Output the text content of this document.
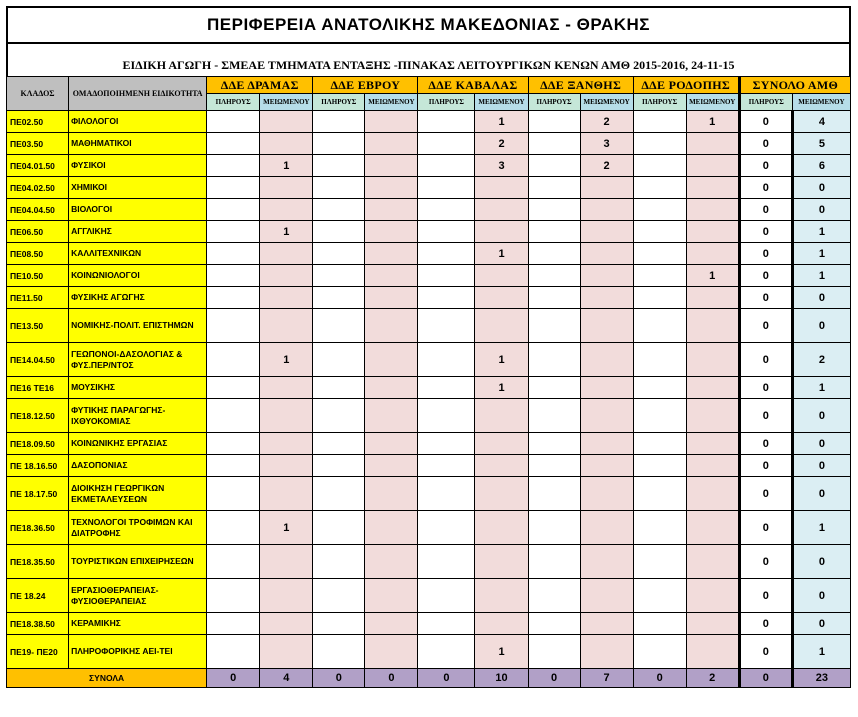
ΠΕΡΙΦΕΡΕΙΑ ΑΝΑΤΟΛΙΚΗΣ ΜΑΚΕΔΟΝΙΑΣ - ΘΡΑΚΗΣ
ΕΙΔΙΚΗ ΑΓΩΓΗ - ΣΜΕΑΕ ΤΜΗΜΑΤΑ ΕΝΤΑΞΗΣ -ΠΙΝΑΚΑΣ ΛΕΙΤΟΥΡΓΙΚΩΝ ΚΕΝΩΝ ΑΜΘ 2015-2016, 24-11-15
ΚΛΑΔΟΣ	ΟΜΑΔΟΠΟΙΗΜΕΝΗ ΕΙΔΙΚΟΤΗΤΑ	ΔΔΕ ΔΡΑΜΑΣ		ΔΔΕ ΕΒΡΟΥ		ΔΔΕ ΚΑΒΑΛΑΣ		ΔΔΕ ΞΑΝΘΗΣ		ΔΔΕ ΡΟΔΟΠΗΣ		ΣΥΝΟΛΟ ΑΜΘ	
		ΠΛΗΡΟΥΣ	ΜΕΙΩΜΕΝΟΥ	ΠΛΗΡΟΥΣ	ΜΕΙΩΜΕΝΟΥ	ΠΛΗΡΟΥΣ	ΜΕΙΩΜΕΝΟΥ	ΠΛΗΡΟΥΣ	ΜΕΙΩΜΕΝΟΥ	ΠΛΗΡΟΥΣ	ΜΕΙΩΜΕΝΟΥ	ΠΛΗΡΟΥΣ	ΜΕΙΩΜΕΝΟΥ
ΠΕ02.50	ΦΙΛΟΛΟΓΟΙ						1		2		1	0	4
ΠΕ03.50	ΜΑΘΗΜΑΤΙΚΟΙ						2		3			0	5
ΠΕ04.01.50	ΦΥΣΙΚΟΙ		1				3		2			0	6
ΠΕ04.02.50	ΧΗΜΙΚΟΙ											0	0
ΠΕ04.04.50	ΒΙΟΛΟΓΟΙ											0	0
ΠΕ06.50	ΑΓΓΛΙΚΗΣ		1									0	1
ΠΕ08.50	ΚΑΛΛΙΤΕΧΝΙΚΩΝ						1					0	1
ΠΕ10.50	ΚΟΙΝΩΝΙΟΛΟΓΟΙ										1	0	1
ΠΕ11.50	ΦΥΣΙΚΗΣ ΑΓΩΓΗΣ											0	0
ΠΕ13.50	ΝΟΜΙΚΗΣ-ΠΟΛΙΤ. ΕΠΙΣΤΗΜΩΝ											0	0
ΠΕ14.04.50	ΓΕΩΠΟΝΟΙ-ΔΑΣΟΛΟΓΙΑΣ & ΦΥΣ.ΠΕΡ/ΝΤΟΣ		1				1					0	2
ΠΕ16 ΤΕ16	ΜΟΥΣΙΚΗΣ						1					0	1
ΠΕ18.12.50	ΦΥΤΙΚΗΣ ΠΑΡΑΓΩΓΗΣ-ΙΧΘΥΟΚΟΜΙΑΣ											0	0
ΠΕ18.09.50	ΚΟΙΝΩΝΙΚΗΣ ΕΡΓΑΣΙΑΣ											0	0
ΠΕ 18.16.50	ΔΑΣΟΠΟΝΙΑΣ											0	0
ΠΕ 18.17.50	ΔΙΟΙΚΗΣΗ ΓΕΩΡΓΙΚΩΝ ΕΚΜΕΤΑΛΕΥΣΕΩΝ											0	0
ΠΕ18.36.50	ΤΕΧΝΟΛΟΓΟΙ ΤΡΟΦΙΜΩΝ ΚΑΙ ΔΙΑΤΡΟΦΗΣ		1									0	1
ΠΕ18.35.50	ΤΟΥΡΙΣΤΙΚΩΝ ΕΠΙΧΕΙΡΗΣΕΩΝ											0	0
ΠΕ 18.24	ΕΡΓΑΣΙΟΘΕΡΑΠΕΙΑΣ-ΦΥΣΙΟΘΕΡΑΠΕΙΑΣ											0	0
ΠΕ18.38.50	ΚΕΡΑΜΙΚΗΣ											0	0
ΠΕ19- ΠΕ20	ΠΛΗΡΟΦΟΡΙΚΗΣ ΑΕΙ-ΤΕΙ						1					0	1
ΣΥΝΟΛΑ		0	4	0	0	0	10	0	7	0	2	0	23
